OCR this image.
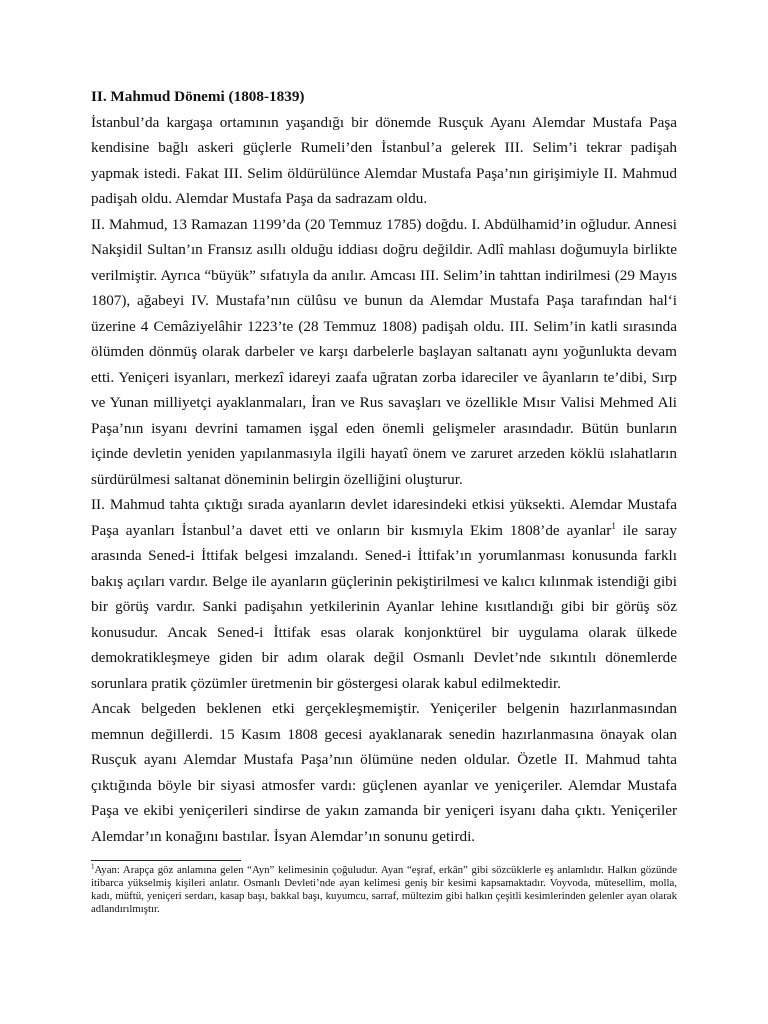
II. Mahmud Dönemi (1808-1839)

İstanbul’da kargaşa ortamının yaşandığı bir dönemde Rusçuk Ayanı Alemdar Mustafa Paşa kendisine bağlı askeri güçlerle Rumeli’den İstanbul’a gelerek III. Selim’i tekrar padişah yapmak istedi. Fakat III. Selim öldürülünce Alemdar Mustafa Paşa’nın girişimiyle II. Mahmud padişah oldu. Alemdar Mustafa Paşa da sadrazam oldu.

II. Mahmud, 13 Ramazan 1199’da (20 Temmuz 1785) doğdu. I. Abdülhamid’in oğludur. Annesi Nakşidil Sultan’ın Fransız asıllı olduğu iddiası doğru değildir. Adlî mahlası doğumuyla birlikte verilmiştir. Ayrıca “büyük” sıfatıyla da anılır. Amcası III. Selim’in tahttan indirilmesi (29 Mayıs 1807), ağabeyi IV. Mustafa’nın cülûsu ve bunun da Alemdar Mustafa Paşa tarafından hal‘i üzerine 4 Cemâziyelâhir 1223’te (28 Temmuz 1808) padişah oldu. III. Selim’in katli sırasında ölümden dönmüş olarak darbeler ve karşı darbelerle başlayan saltanatı aynı yoğunlukta devam etti. Yeniçeri isyanları, merkezî idareyi zaafa uğratan zorba idareciler ve âyanların te’dibi, Sırp ve Yunan milliyetçi ayaklanmaları, İran ve Rus savaşları ve özellikle Mısır Valisi Mehmed Ali Paşa’nın isyanı devrini tamamen işgal eden önemli gelişmeler arasındadır. Bütün bunların içinde devletin yeniden yapılanmasıyla ilgili hayatî önem ve zaruret arzeden köklü ıslahatların sürdürülmesi saltanat döneminin belirgin özelliğini oluşturur.

II. Mahmud tahta çıktığı sırada ayanların devlet idaresindeki etkisi yüksekti. Alemdar Mustafa Paşa ayanları İstanbul’a davet etti ve onların bir kısmıyla Ekim 1808’de ayanlar$^1$ ile saray arasında Sened-i İttifak belgesi imzalandı. Sened-i İttifak’ın yorumlanması konusunda farklı bakış açıları vardır. Belge ile ayanların güçlerinin pekiştirilmesi ve kalıcı kılınmak istendiği gibi bir görüş vardır. Sanki padişahın yetkilerinin Ayanlar lehine kısıtlandığı gibi bir görüş söz konusudur. Ancak Sened-i İttifak esas olarak konjonktürel bir uygulama olarak ülkede demokratikleşmeye giden bir adım olarak değil Osmanlı Devlet’nde sıkıntılı dönemlerde sorunlara pratik çözümler üretmenin bir göstergesi olarak kabul edilmektedir.

Ancak belgeden beklenen etki gerçekleşmemiştir. Yeniçeriler belgenin hazırlanmasından memnun değillerdi. 15 Kasım 1808 gecesi ayaklanarak senedin hazırlanmasına önayak olan Rusçuk ayanı Alemdar Mustafa Paşa’nın ölümüne neden oldular. Özetle II. Mahmud tahta çıktığında böyle bir siyasi atmosfer vardı: güçlenen ayanlar ve yeniçeriler. Alemdar Mustafa Paşa ve ekibi yeniçerileri sindirse de yakın zamanda bir yeniçeri isyanı daha çıktı. Yeniçeriler Alemdar’ın konağını bastılar. İsyan Alemdar’ın sonunu getirdi.

$^1$Ayan: Arapça göz anlamına gelen “Ayn” kelimesinin çoğuludur. Ayan “eşraf, erkân” gibi sözcüklerle eş anlamlıdır. Halkın gözünde itibarca yükselmiş kişileri anlatır. Osmanlı Devleti’nde ayan kelimesi geniş bir kesimi kapsamaktadır. Voyvoda, mütesellim, molla, kadı, müftü, yeniçeri serdarı, kasap başı, bakkal başı, kuyumcu, sarraf, mültezim gibi halkın çeşitli kesimlerinden gelenler ayan olarak adlandırılmıştır.
